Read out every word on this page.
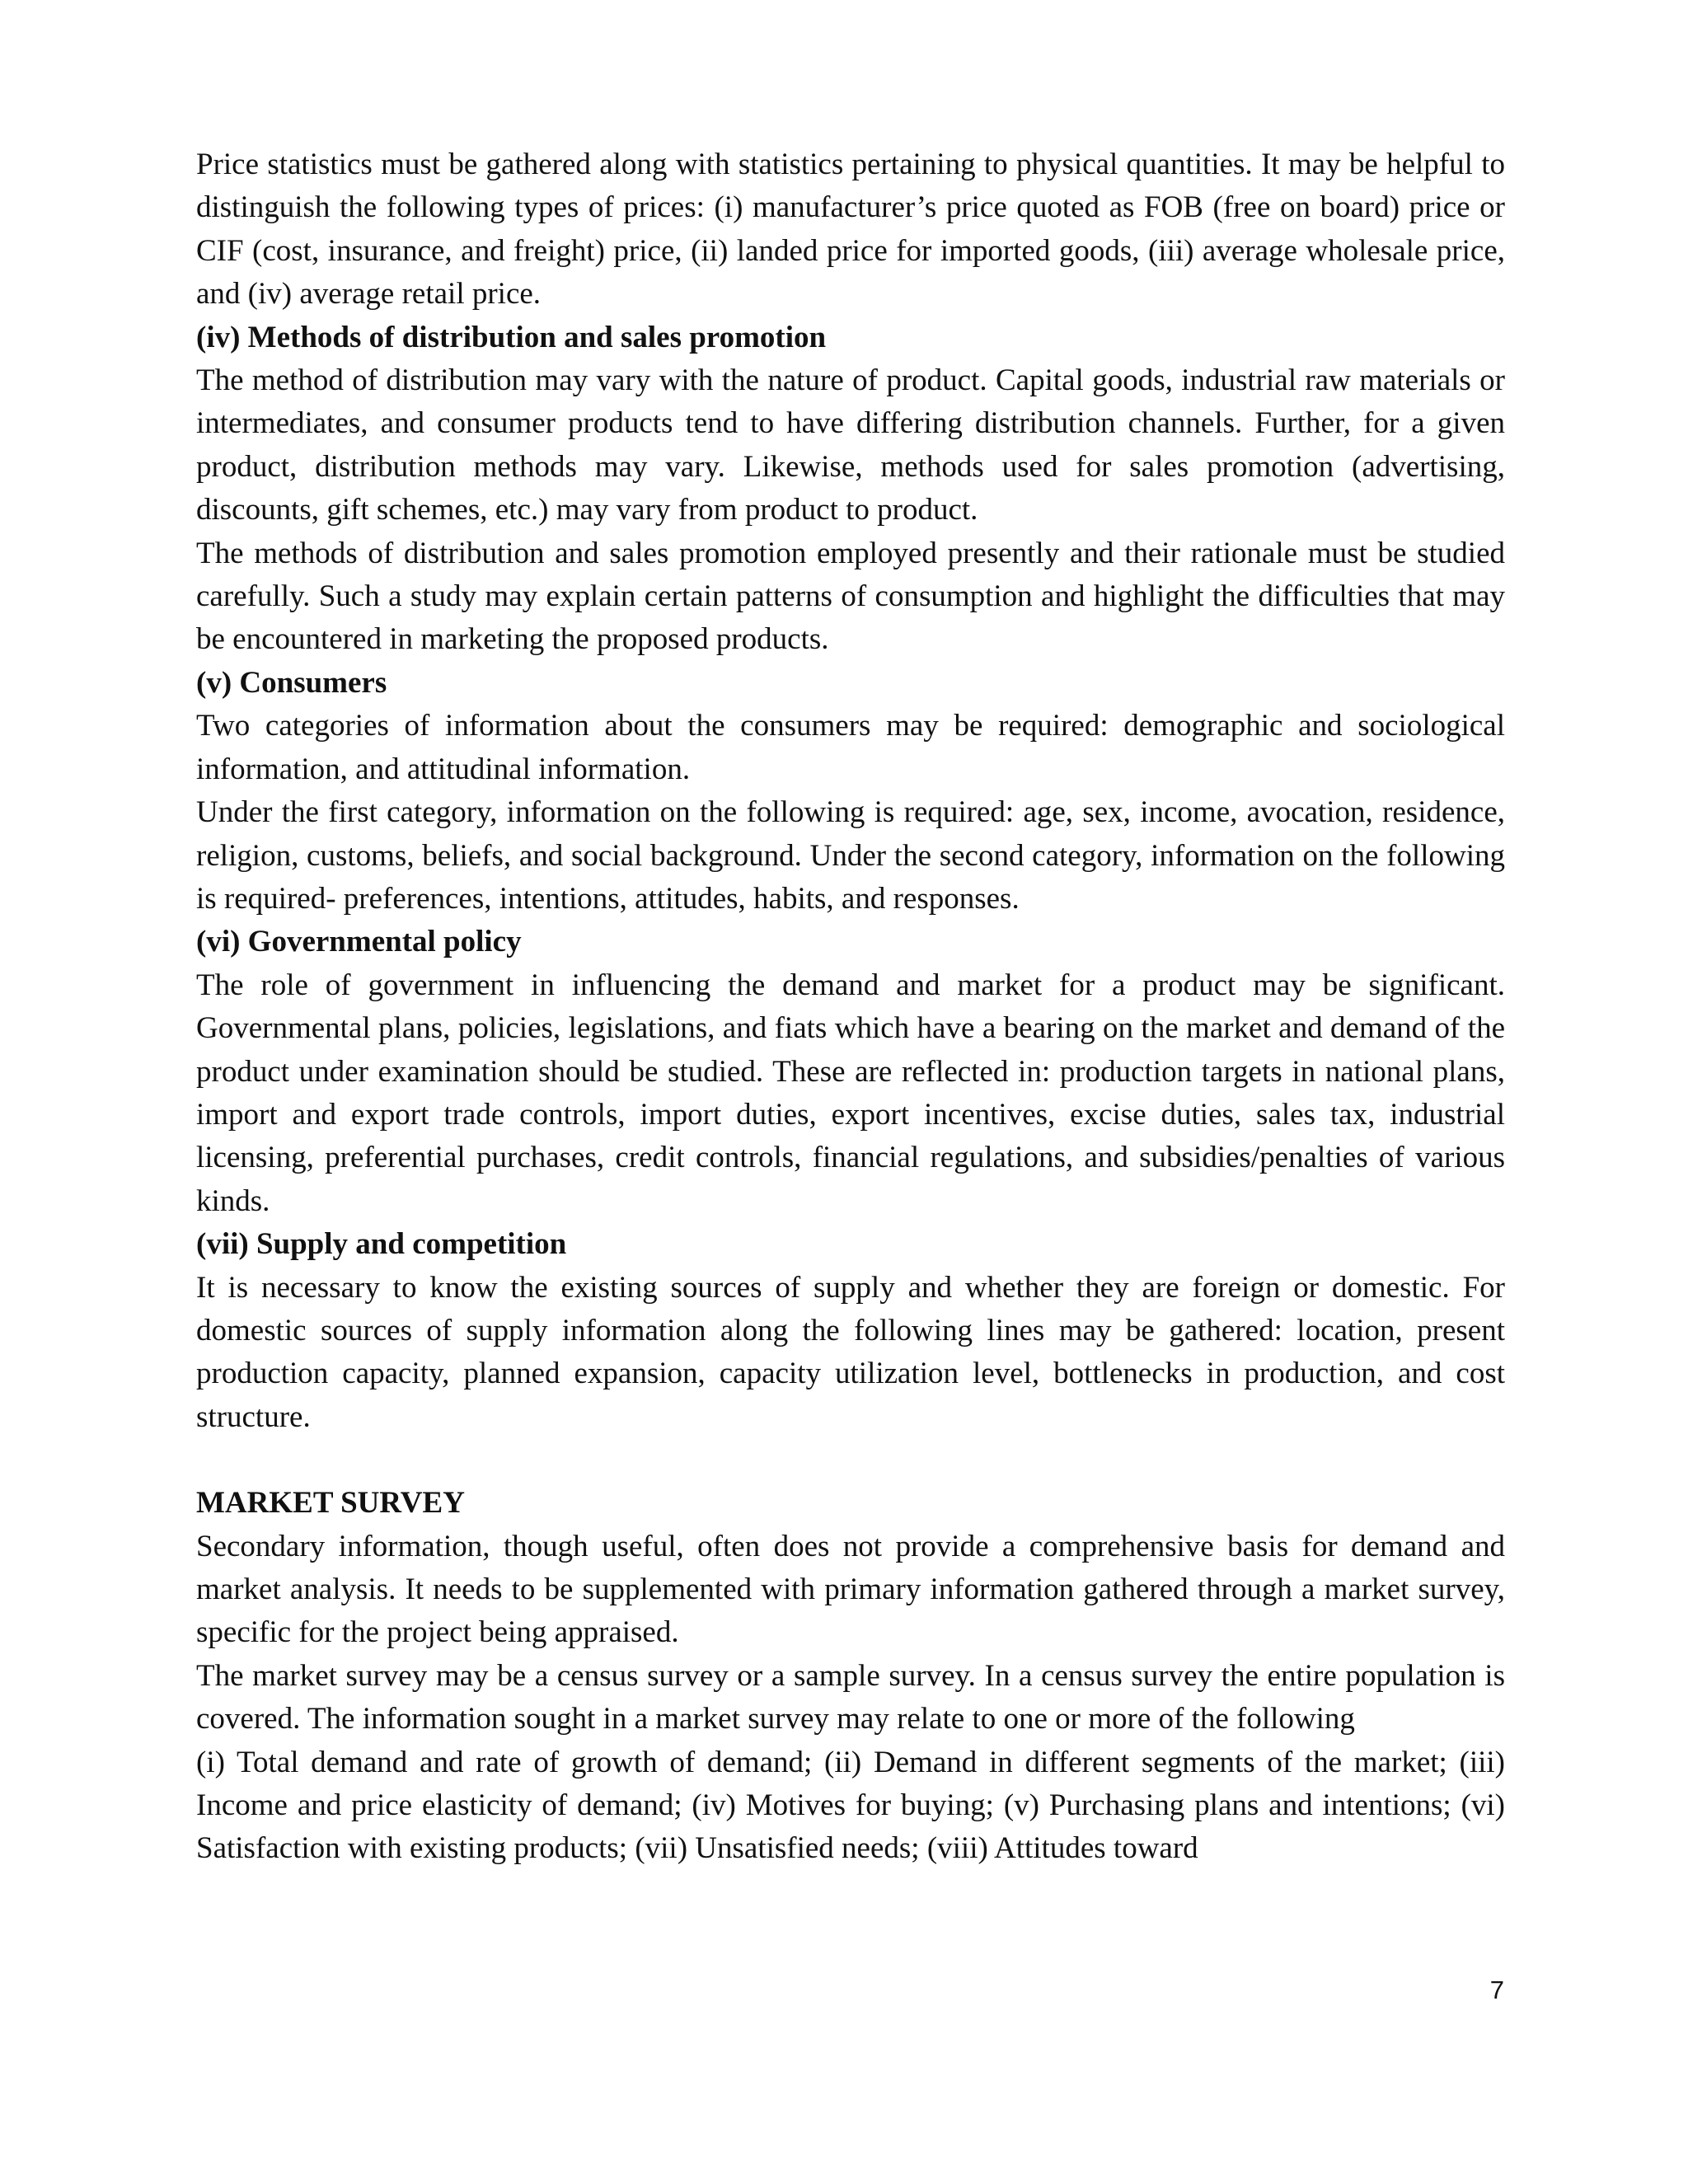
Price statistics must be gathered along with statistics pertaining to physical quantities. It may be helpful to distinguish the following types of prices: (i) manufacturer’s price quoted as FOB (free on board) price or CIF (cost, insurance, and freight) price, (ii) landed price for imported goods, (iii) average wholesale price, and (iv) average retail price.

(iv) Methods of distribution and sales promotion

The method of distribution may vary with the nature of product. Capital goods, industrial raw materials or intermediates, and consumer products tend to have differing distribution channels. Further, for a given product, distribution methods may vary. Likewise, methods used for sales promotion (advertising, discounts, gift schemes, etc.) may vary from product to product.

The methods of distribution and sales promotion employed presently and their rationale must be studied carefully. Such a study may explain certain patterns of consumption and highlight the difficulties that may be encountered in marketing the proposed products.

(v) Consumers

Two categories of information about the consumers may be required: demographic and sociological information, and attitudinal information.

Under the first category, information on the following is required: age, sex, income, avocation, residence, religion, customs, beliefs, and social background. Under the second category, information on the following is required- preferences, intentions, attitudes, habits, and responses.

(vi) Governmental policy

The role of government in influencing the demand and market for a product may be significant. Governmental plans, policies, legislations, and fiats which have a bearing on the market and demand of the product under examination should be studied. These are reflected in: production targets in national plans, import and export trade controls, import duties, export incentives, excise duties, sales tax, industrial licensing, preferential purchases, credit controls, financial regulations, and subsidies/penalties of various kinds.

(vii) Supply and competition

It is necessary to know the existing sources of supply and whether they are foreign or domestic. For domestic sources of supply information along the following lines may be gathered: location, present production capacity, planned expansion, capacity utilization level, bottlenecks in production, and cost structure.

MARKET SURVEY

Secondary information, though useful, often does not provide a comprehensive basis for demand and market analysis. It needs to be supplemented with primary information gathered through a market survey, specific for the project being appraised.

The market survey may be a census survey or a sample survey. In a census survey the entire population is covered. The information sought in a market survey may relate to one or more of the following

(i) Total demand and rate of growth of demand; (ii) Demand in different segments of the market; (iii) Income and price elasticity of demand; (iv) Motives for buying; (v) Purchasing plans and intentions; (vi) Satisfaction with existing products; (vii) Unsatisfied needs; (viii) Attitudes toward

7
